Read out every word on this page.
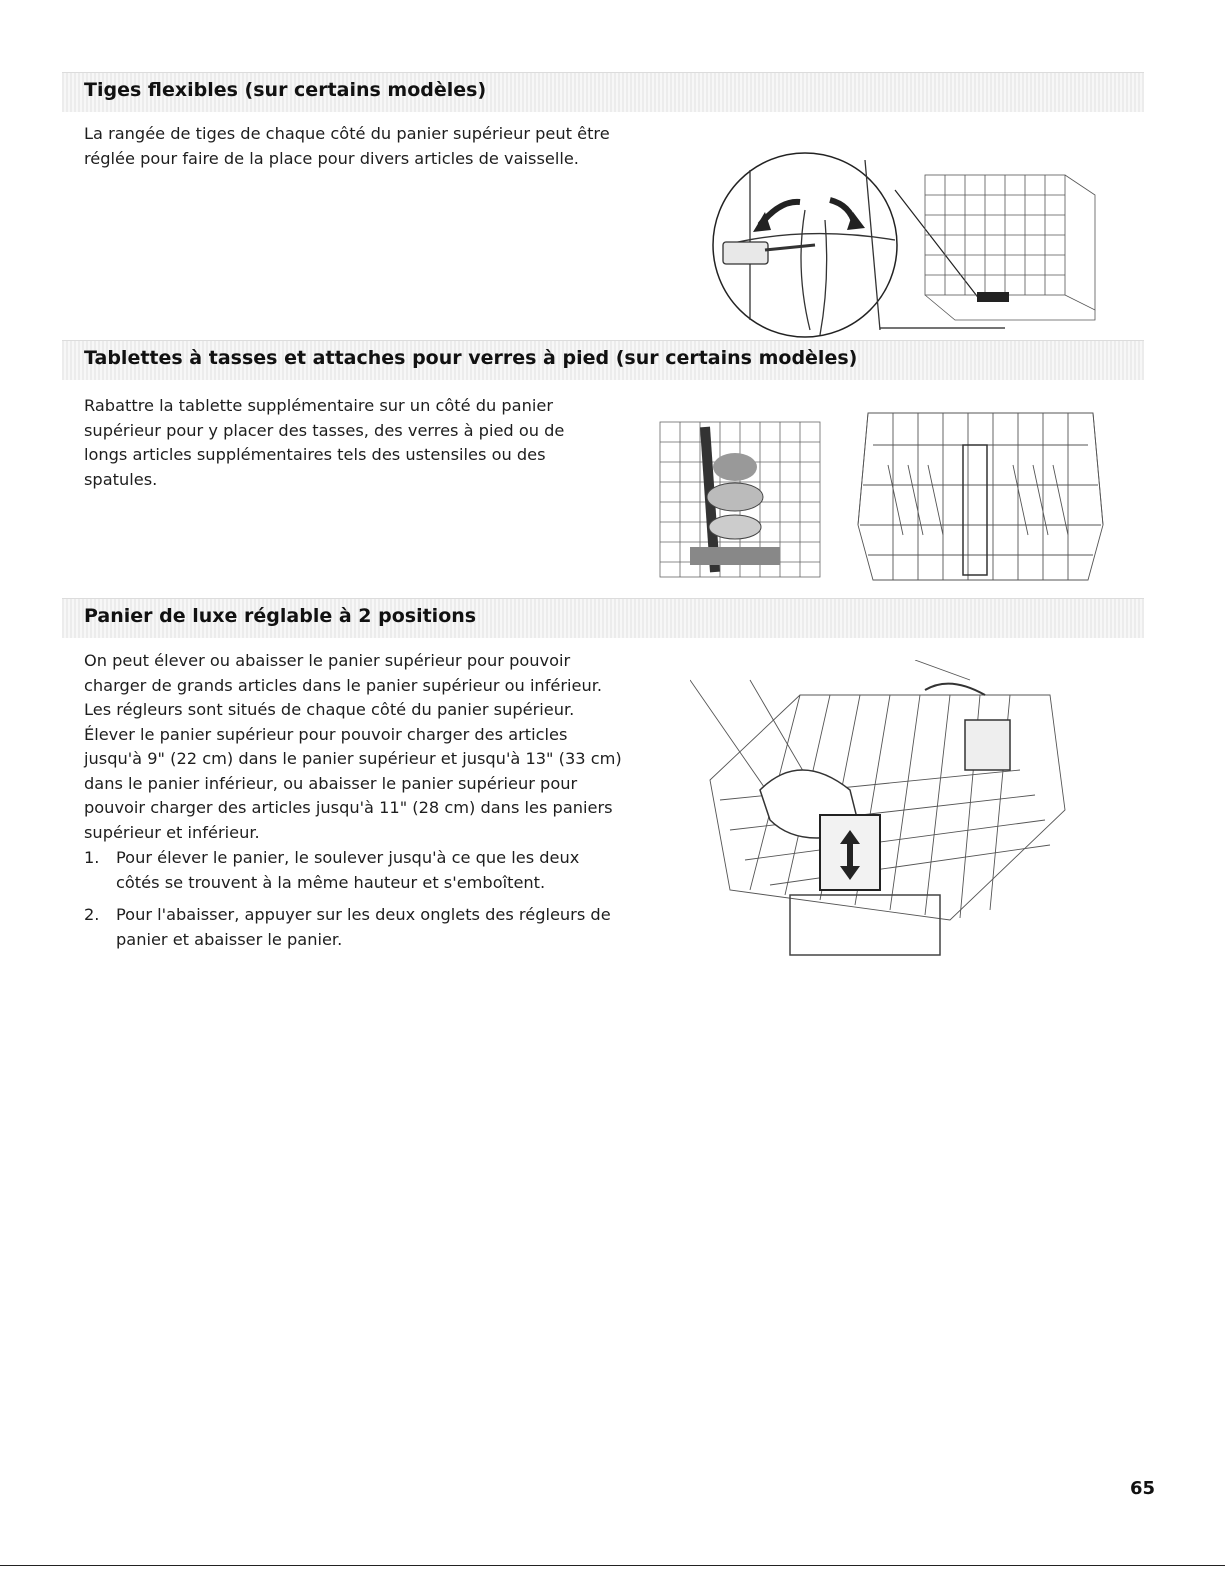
Tiges flexibles (sur certains modèles)

La rangée de tiges de chaque côté du panier supérieur peut être réglée pour faire de la place pour divers articles de vaisselle.

Tablettes à tasses et attaches pour verres à pied (sur certains modèles)

Rabattre la tablette supplémentaire sur un côté du panier supérieur pour y placer des tasses, des verres à pied ou de longs articles supplémentaires tels des ustensiles ou des spatules.

Panier de luxe réglable à 2 positions

On peut élever ou abaisser le panier supérieur pour pouvoir charger de grands articles dans le panier supérieur ou inférieur. Les régleurs sont situés de chaque côté du panier supérieur. Élever le panier supérieur pour pouvoir charger des articles jusqu'à 9" (22 cm) dans le panier supérieur et jusqu'à 13" (33 cm) dans le panier inférieur, ou abaisser le panier supérieur pour pouvoir charger des articles jusqu'à 11" (28 cm) dans les paniers supérieur et inférieur.

1. Pour élever le panier, le soulever jusqu'à ce que les deux côtés se trouvent à la même hauteur et s'emboîtent.
2. Pour l'abaisser, appuyer sur les deux onglets des régleurs de panier et abaisser le panier.
65
